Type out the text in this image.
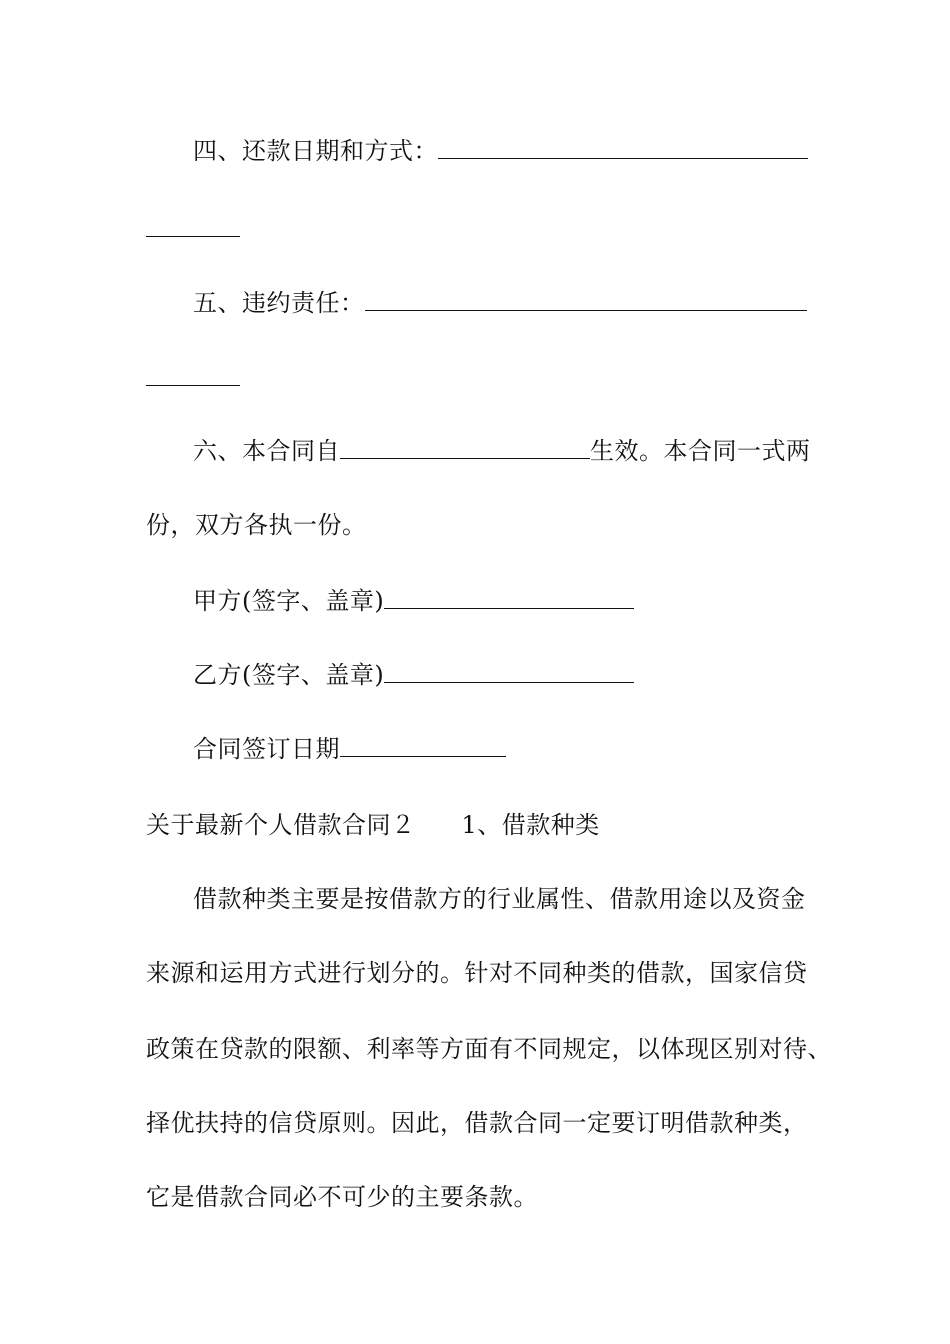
四、还款日期和方式：
五、违约责任：
六、本合同自	生效。本合同一式两
份，双方各执一份。
甲方(签字、盖章)
乙方(签字、盖章)
合同签订日期
关于最新个人借款合同２ 1、借款种类
借款种类主要是按借款方的行业属性、借款用途以及资金
来源和运用方式进行划分的。针对不同种类的借款，国家信贷
政策在贷款的限额、利率等方面有不同规定，以体现区别对待、
择优扶持的信贷原则。因此，借款合同一定要订明借款种类，
它是借款合同必不可少的主要条款。
